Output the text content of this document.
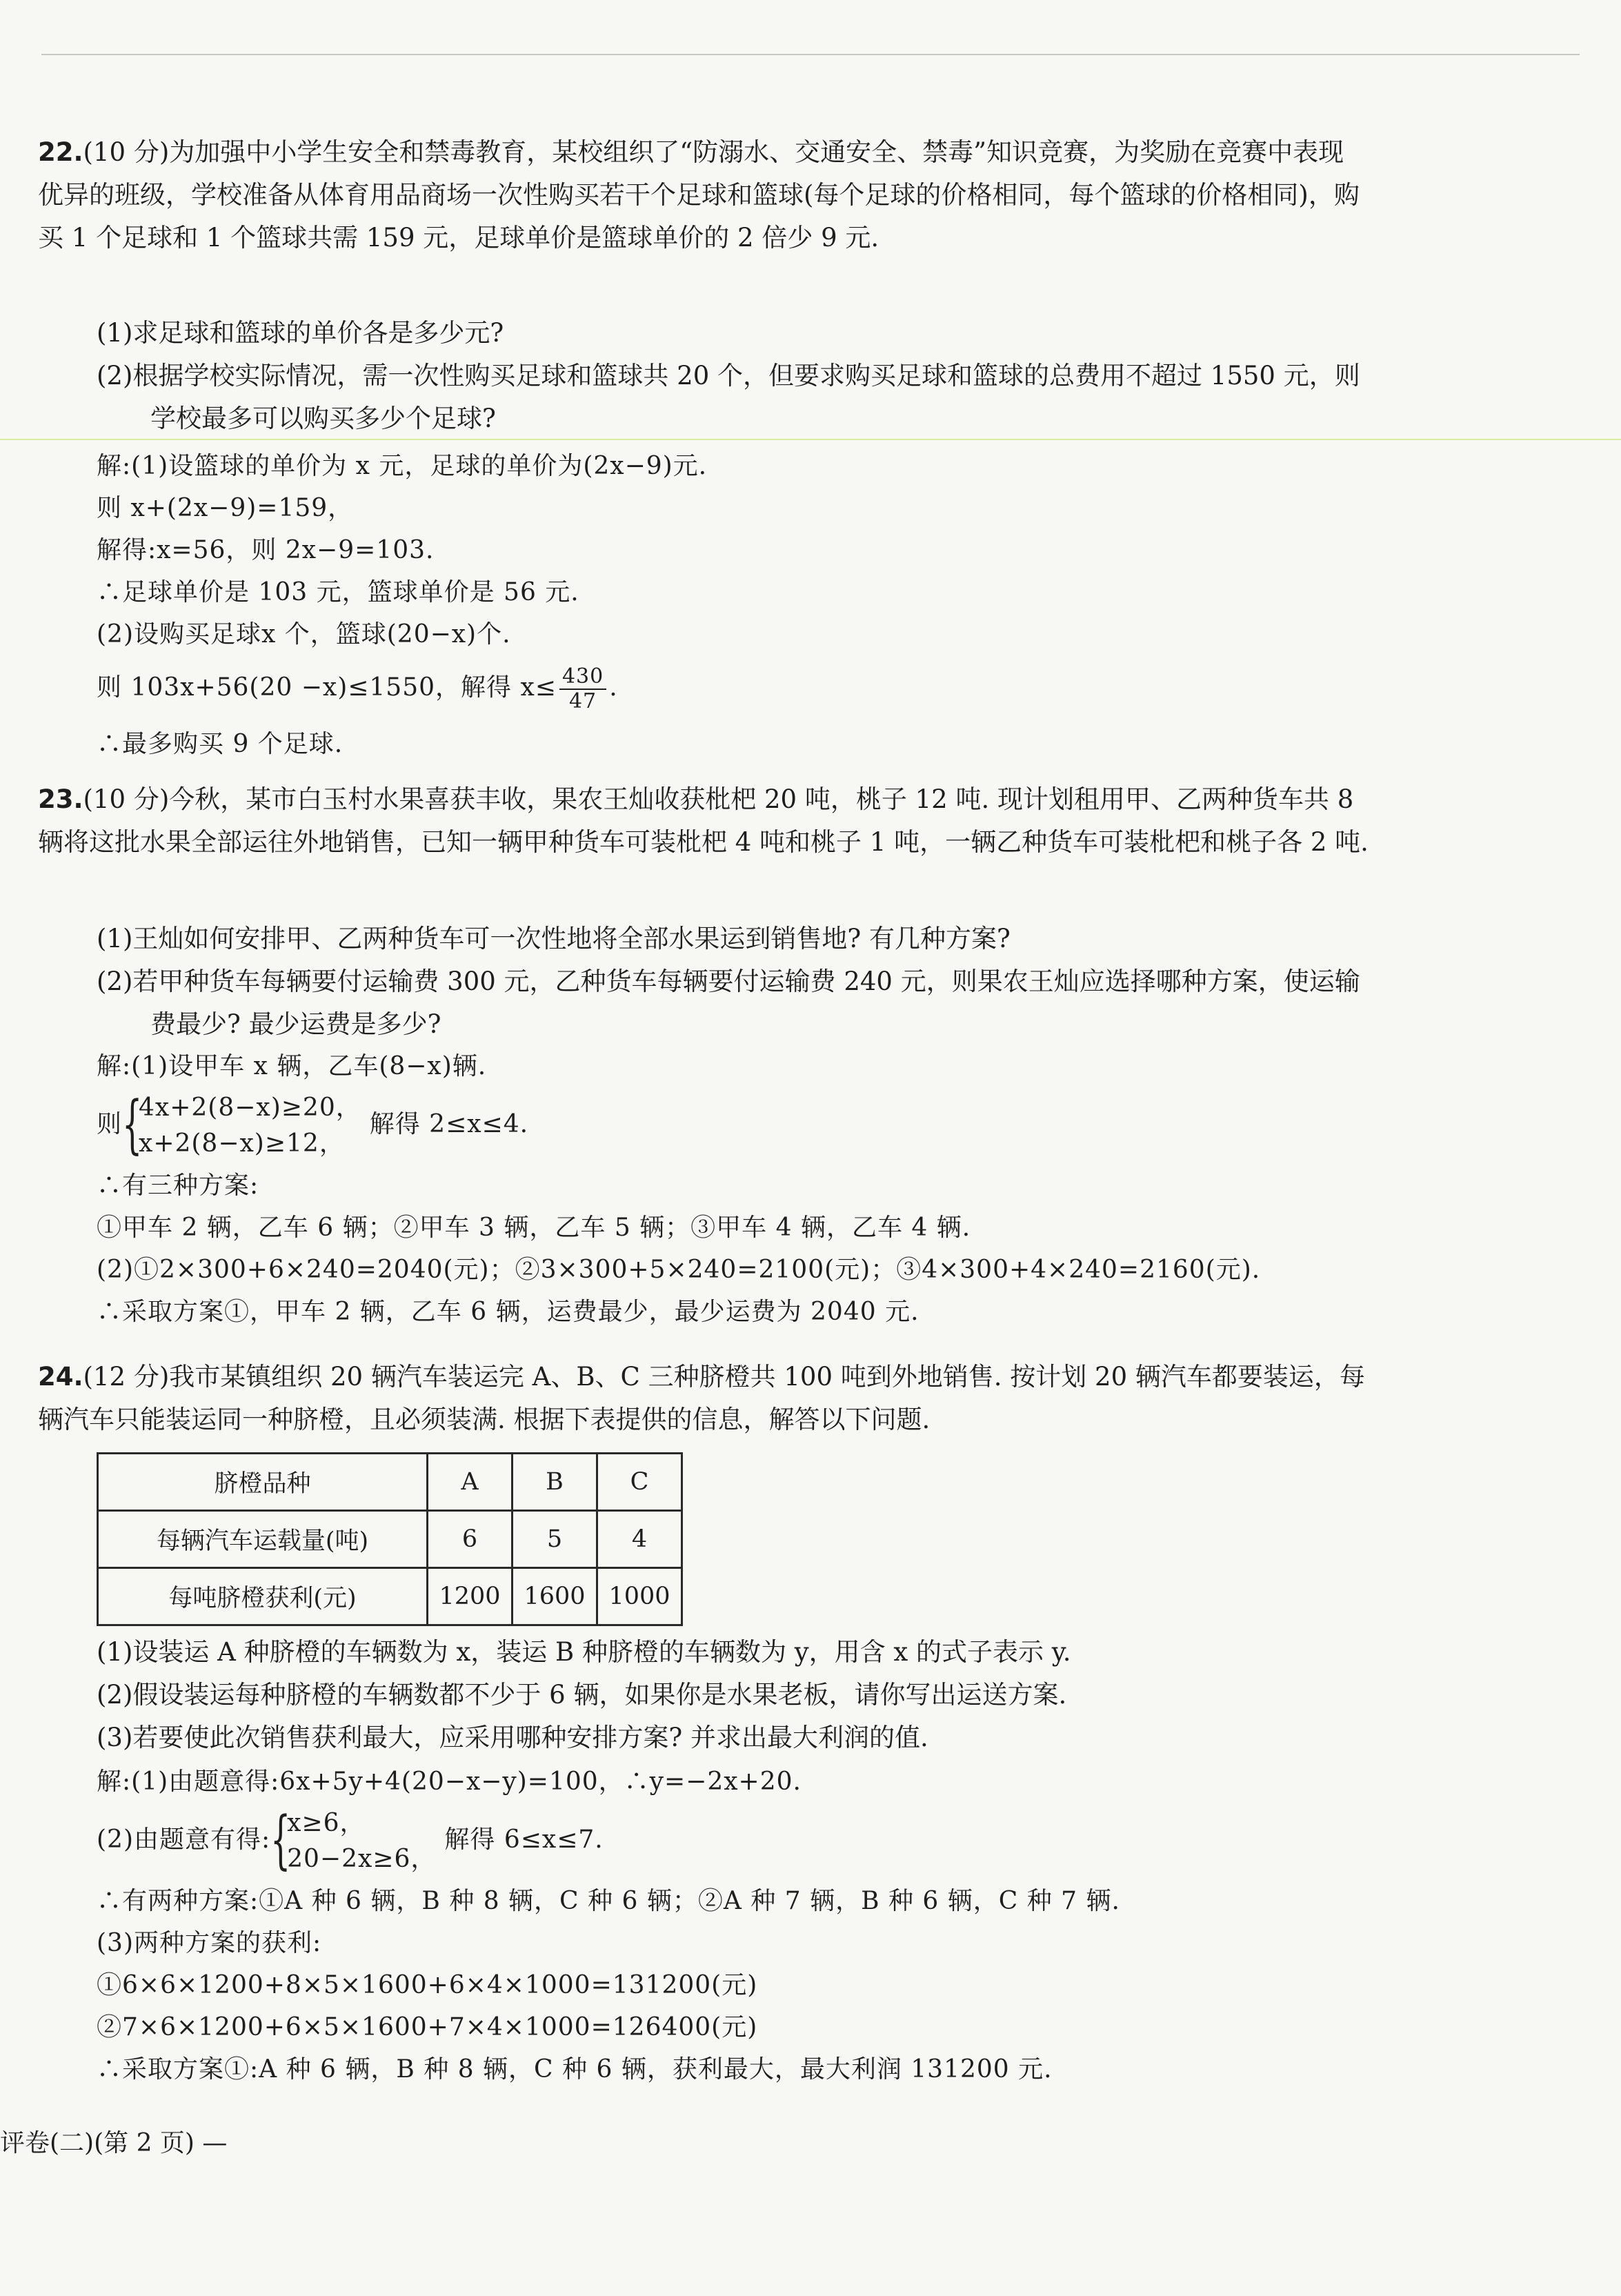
22.(10 分)为加强中小学生安全和禁毒教育，某校组织了“防溺水、交通安全、禁毒”知识竞赛，为奖励在竞赛中表现优异的班级，学校准备从体育用品商场一次性购买若干个足球和篮球(每个足球的价格相同，每个篮球的价格相同)，购买 1 个足球和 1 个篮球共需 159 元，足球单价是篮球单价的 2 倍少 9 元.
(1)求足球和篮球的单价各是多少元?
(2)根据学校实际情况，需一次性购买足球和篮球共 20 个，但要求购买足球和篮球的总费用不超过 1550 元，则学校最多可以购买多少个足球?
解:(1)设篮球的单价为 x 元，足球的单价为(2x−9)元.
则 x+(2x−9)=159，
解得:x=56，则 2x−9=103.
∴足球单价是 103 元，篮球单价是 56 元.
(2)设购买足球x 个，篮球(20−x)个.
则 103x+56(20 −x)≤1550，解得 $x\le \frac{430}{47}$ .
∴最多购买 9 个足球.
23.(10 分)今秋，某市白玉村水果喜获丰收，果农王灿收获枇杷 20 吨，桃子 12 吨. 现计划租用甲、乙两种货车共 8 辆将这批水果全部运往外地销售，已知一辆甲种货车可装枇杷 4 吨和桃子 1 吨，一辆乙种货车可装枇杷和桃子各 2 吨.
(1)王灿如何安排甲、乙两种货车可一次性地将全部水果运到销售地? 有几种方案?
(2)若甲种货车每辆要付运输费 300 元，乙种货车每辆要付运输费 240 元，则果农王灿应选择哪种方案，使运输费最少? 最少运费是多少?
解:(1)设甲车 x 辆，乙车(8−x)辆.
则 {
4x+2(8−x)≥20，
x+2(8−x)≥12，
解得 2≤x≤4.
∴有三种方案:
①甲车 2 辆，乙车 6 辆；②甲车 3 辆，乙车 5 辆；③甲车 4 辆，乙车 4 辆.
(2)①2×300+6×240=2040(元)；②3×300+5×240=2100(元)；③4×300+4×240=2160(元).
∴采取方案①，甲车 2 辆，乙车 6 辆，运费最少，最少运费为 2040 元.
24.(12 分)我市某镇组织 20 辆汽车装运完 A、B、C 三种脐橙共 100 吨到外地销售. 按计划 20 辆汽车都要装运，每辆汽车只能装运同一种脐橙，且必须装满. 根据下表提供的信息，解答以下问题.
脐橙品种	A	B	C
每辆汽车运载量(吨)	6	5	4
每吨脐橙获利(元)	1200	1600	1000
(1)设装运 A 种脐橙的车辆数为 x，装运 B 种脐橙的车辆数为 y，用含 x 的式子表示 y.
(2)假设装运每种脐橙的车辆数都不少于 6 辆，如果你是水果老板，请你写出运送方案.
(3)若要使此次销售获利最大，应采用哪种安排方案? 并求出最大利润的值.
解:(1)由题意得:6x+5y+4(20−x−y)=100，∴y=−2x+20.
(2)由题意有得: {
x≥6，
20−2x≥6，
解得 6≤x≤7.
∴有两种方案:①A 种 6 辆，B 种 8 辆，C 种 6 辆；②A 种 7 辆，B 种 6 辆，C 种 7 辆.
(3)两种方案的获利:
①6×6×1200+8×5×1600+6×4×1000=131200(元)
②7×6×1200+6×5×1600+7×4×1000=126400(元)
∴采取方案①:A 种 6 辆，B 种 8 辆，C 种 6 辆，获利最大，最大利润 131200 元.
评卷(二)(第 2 页) —
